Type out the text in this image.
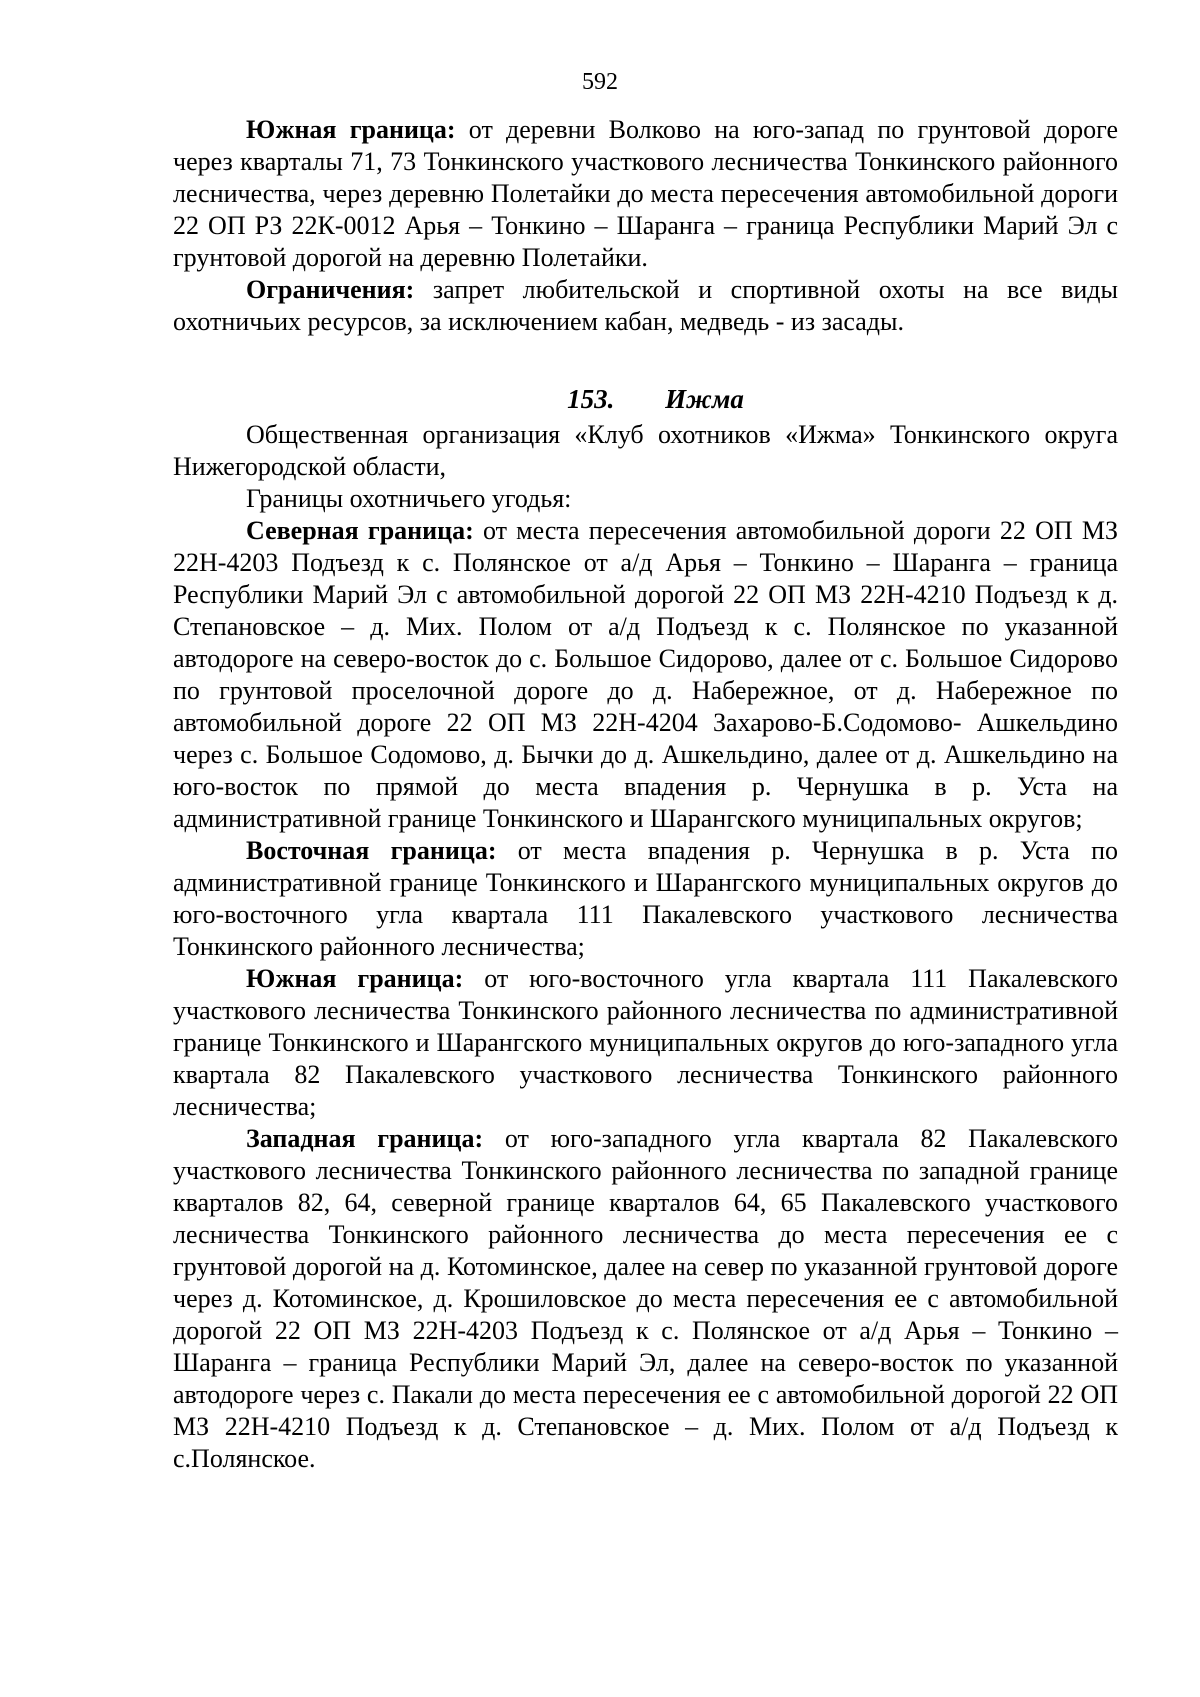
592

Южная граница: от деревни Волково на юго-запад по грунтовой дороге через кварталы 71, 73 Тонкинского участкового лесничества Тонкинского районного лесничества, через деревню Полетайки до места пересечения автомобильной дороги 22 ОП РЗ 22К-0012 Арья – Тонкино – Шаранга – граница Республики Марий Эл с грунтовой дорогой на деревню Полетайки.

Ограничения: запрет любительской и спортивной охоты на все виды охотничьих ресурсов, за исключением кабан, медведь - из засады.

153. Ижма

Общественная организация «Клуб охотников «Ижма» Тонкинского округа Нижегородской области,

Границы охотничьего угодья:

Северная граница: от места пересечения автомобильной дороги 22 ОП МЗ 22Н-4203 Подъезд к с. Полянское от а/д Арья – Тонкино – Шаранга – граница Республики Марий Эл с автомобильной дорогой 22 ОП МЗ 22Н-4210 Подъезд к д. Степановское – д. Мих. Полом от а/д Подъезд к с. Полянское по указанной автодороге на северо-восток до с. Большое Сидорово, далее от с. Большое Сидорово по грунтовой проселочной дороге до д. Набережное, от д. Набережное по автомобильной дороге 22 ОП МЗ 22Н-4204 Захарово-Б.Содомово- Ашкельдино через с. Большое Содомово, д. Бычки до д. Ашкельдино, далее от д. Ашкельдино на юго-восток по прямой до места впадения р. Чернушка в р. Уста на административной границе Тонкинского и Шарангского муниципальных округов;

Восточная граница: от места впадения р. Чернушка в р. Уста по административной границе Тонкинского и Шарангского муниципальных округов до юго-восточного угла квартала 111 Пакалевского участкового лесничества Тонкинского районного лесничества;

Южная граница: от юго-восточного угла квартала 111 Пакалевского участкового лесничества Тонкинского районного лесничества по административной границе Тонкинского и Шарангского муниципальных округов до юго-западного угла квартала 82 Пакалевского участкового лесничества Тонкинского районного лесничества;

Западная граница: от юго-западного угла квартала 82 Пакалевского участкового лесничества Тонкинского районного лесничества по западной границе кварталов 82, 64, северной границе кварталов 64, 65 Пакалевского участкового лесничества Тонкинского районного лесничества до места пересечения ее с грунтовой дорогой на д. Котоминское, далее на север по указанной грунтовой дороге через д. Котоминское, д. Крошиловское до места пересечения ее с автомобильной дорогой 22 ОП МЗ 22Н-4203 Подъезд к с. Полянское от а/д Арья – Тонкино – Шаранга – граница Республики Марий Эл, далее на северо-восток по указанной автодороге через с. Пакали до места пересечения ее с автомобильной дорогой 22 ОП МЗ 22Н-4210 Подъезд к д. Степановское – д. Мих. Полом от а/д Подъезд к с.Полянское.
